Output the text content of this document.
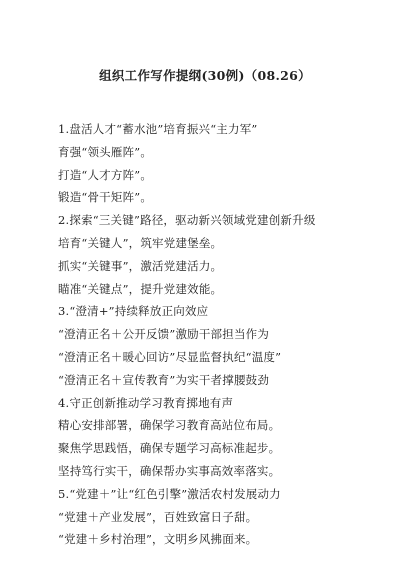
组织工作写作提纲(30例)（08.26）
1.盘活人才“蓄水池”培育振兴“主力军”
育强“领头雁阵”。
打造“人才方阵”。
锻造“骨干矩阵”。
2.探索“三关键”路径，驱动新兴领域党建创新升级
培育“关键人”，筑牢党建堡垒。
抓实“关键事”，激活党建活力。
瞄准“关键点”，提升党建效能。
3.“澄清+”持续释放正向效应
“澄清正名＋公开反馈”激励干部担当作为
“澄清正名＋暖心回访”尽显监督执纪“温度”
“澄清正名＋宣传教育”为实干者撑腰鼓劲
4.守正创新推动学习教育掷地有声
精心安排部署，确保学习教育高站位布局。
聚焦学思践悟，确保专题学习高标准起步。
坚持笃行实干，确保帮办实事高效率落实。
5.“党建＋”让“红色引擎”激活农村发展动力
“党建＋产业发展”，百姓致富日子甜。
“党建＋乡村治理”，文明乡风拂面来。
